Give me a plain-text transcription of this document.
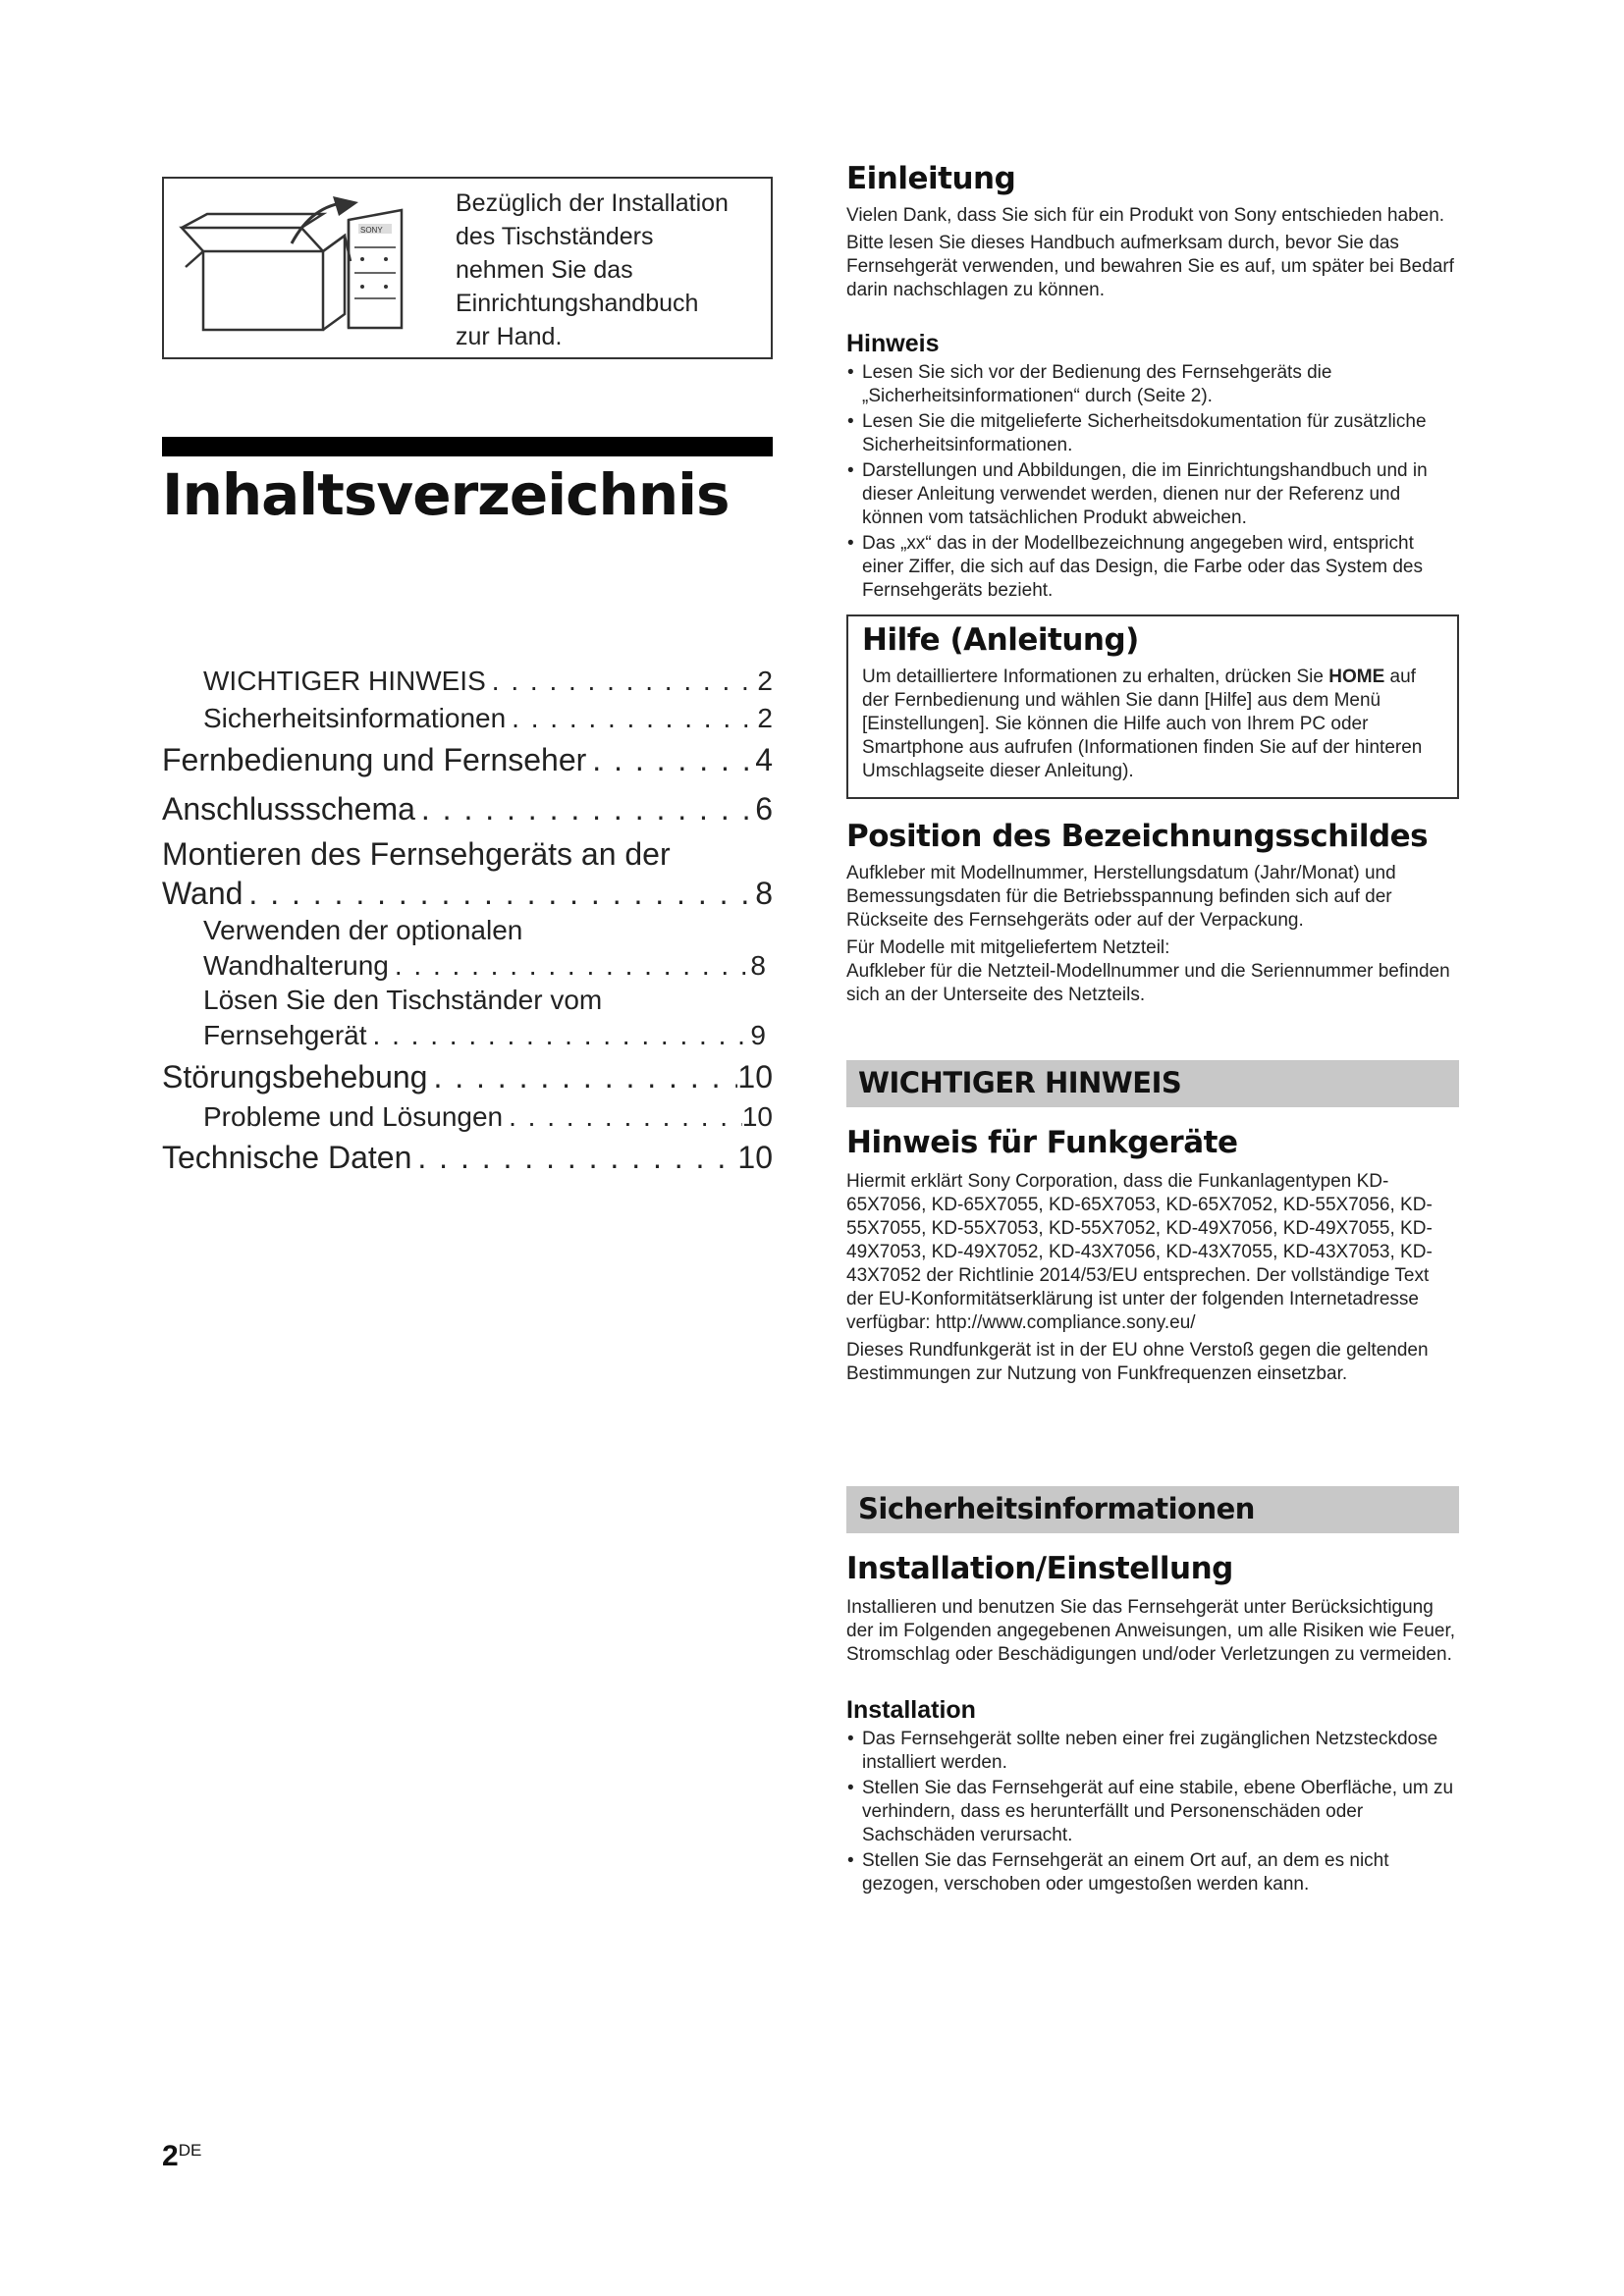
SONY
Bezüglich der Installation
des Tischständers
nehmen Sie das
Einrichtungshandbuch
zur Hand.
Inhaltsverzeichnis
WICHTIGER HINWEIS . . .	2
Sicherheitsinformationen . . .	2
Fernbedienung und Fernseher . . .	4
Anschlussschema . . .	6
Montieren des Fernsehgeräts an der
Wand . . .	8
Verwenden der optionalen
Wandhalterung . . .	8
Lösen Sie den Tischständer vom
Fernsehgerät . . .	9
Störungsbehebung . . .	10
Probleme und Lösungen . . .	10
Technische Daten . . .	10
2DE
Einleitung

Vielen Dank, dass Sie sich für ein Produkt von Sony entschieden haben.

Bitte lesen Sie dieses Handbuch aufmerksam durch, bevor Sie das Fernsehgerät verwenden, und bewahren Sie es auf, um später bei Bedarf darin nachschlagen zu können.

Hinweis
• Lesen Sie sich vor der Bedienung des Fernsehgeräts die „Sicherheitsinformationen“ durch (Seite 2).
• Lesen Sie die mitgelieferte Sicherheitsdokumentation für zusätzliche Sicherheitsinformationen.
• Darstellungen und Abbildungen, die im Einrichtungshandbuch und in dieser Anleitung verwendet werden, dienen nur der Referenz und können vom tatsächlichen Produkt abweichen.
• Das „xx“ das in der Modellbezeichnung angegeben wird, entspricht einer Ziffer, die sich auf das Design, die Farbe oder das System des Fernsehgeräts bezieht.
Hilfe (Anleitung)
Um detailliertere Informationen zu erhalten, drücken Sie HOME auf der Fernbedienung und wählen Sie dann [Hilfe] aus dem Menü [Einstellungen]. Sie können die Hilfe auch von Ihrem PC oder Smartphone aus aufrufen (Informationen finden Sie auf der hinteren Umschlagseite dieser Anleitung).
Position des Bezeichnungsschildes

Aufkleber mit Modellnummer, Herstellungsdatum (Jahr/Monat) und Bemessungsdaten für die Betriebsspannung befinden sich auf der Rückseite des Fernsehgeräts oder auf der Verpackung.

Für Modelle mit mitgeliefertem Netzteil:

Aufkleber für die Netzteil-Modellnummer und die Seriennummer befinden sich an der Unterseite des Netzteils.

WICHTIGER HINWEIS
Hinweis für Funkgeräte

Hiermit erklärt Sony Corporation, dass die Funkanlagentypen KD-65X7056, KD-65X7055, KD-65X7053, KD-65X7052, KD-55X7056, KD-55X7055, KD-55X7053, KD-55X7052, KD-49X7056, KD-49X7055, KD-49X7053, KD-49X7052, KD-43X7056, KD-43X7055, KD-43X7053, KD-43X7052 der Richtlinie 2014/53/EU entsprechen. Der vollständige Text der EU-Konformitätserklärung ist unter der folgenden Internetadresse verfügbar: http://www.compliance.sony.eu/

Dieses Rundfunkgerät ist in der EU ohne Verstoß gegen die geltenden Bestimmungen zur Nutzung von Funkfrequenzen einsetzbar.

Sicherheitsinformationen
Installation/Einstellung

Installieren und benutzen Sie das Fernsehgerät unter Berücksichtigung der im Folgenden angegebenen Anweisungen, um alle Risiken wie Feuer, Stromschlag oder Beschädigungen und/oder Verletzungen zu vermeiden.

Installation
• Das Fernsehgerät sollte neben einer frei zugänglichen Netzsteckdose installiert werden.
• Stellen Sie das Fernsehgerät auf eine stabile, ebene Oberfläche, um zu verhindern, dass es herunterfällt und Personenschäden oder Sachschäden verursacht.
• Stellen Sie das Fernsehgerät an einem Ort auf, an dem es nicht gezogen, verschoben oder umgestoßen werden kann.
